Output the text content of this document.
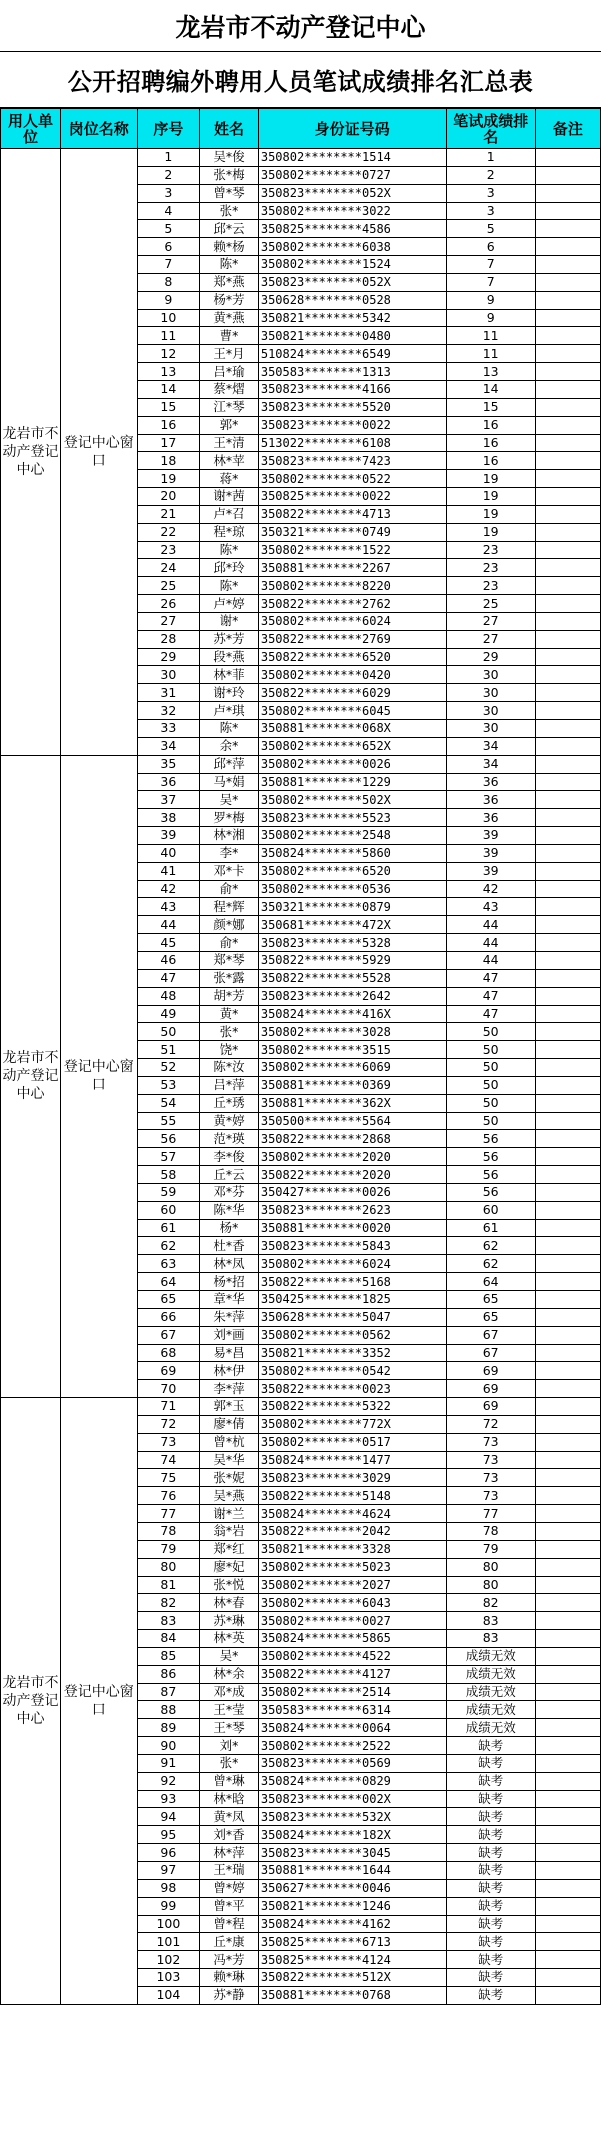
龙岩市不动产登记中心
公开招聘编外聘用人员笔试成绩排名汇总表
用人单位	岗位名称	序号	姓名	身份证号码	笔试成绩排名	备注
龙岩市不动产登记中心	登记中心窗口	1	吴*俊	350802********1514	1	
		2	张*梅	350802********0727	2	
		3	曾*琴	350823********052X	3	
		4	张*	350802********3022	3	
		5	邱*云	350825********4586	5	
		6	赖*杨	350802********6038	6	
		7	陈*	350802********1524	7	
		8	郑*燕	350823********052X	7	
		9	杨*芳	350628********0528	9	
		10	黄*燕	350821********5342	9	
		11	曹*	350821********0480	11	
		12	王*月	510824********6549	11	
		13	吕*瑜	350583********1313	13	
		14	蔡*熠	350823********4166	14	
		15	江*琴	350823********5520	15	
		16	郭*	350823********0022	16	
		17	王*清	513022********6108	16	
		18	林*苹	350823********7423	16	
		19	蒋*	350802********0522	19	
		20	谢*茜	350825********0022	19	
		21	卢*召	350822********4713	19	
		22	程*琼	350321********0749	19	
		23	陈*	350802********1522	23	
		24	邱*玲	350881********2267	23	
		25	陈*	350802********8220	23	
		26	卢*婷	350822********2762	25	
		27	谢*	350802********6024	27	
		28	苏*芳	350822********2769	27	
		29	段*燕	350822********6520	29	
		30	林*菲	350802********0420	30	
		31	谢*玲	350822********6029	30	
		32	卢*琪	350802********6045	30	
		33	陈*	350881********068X	30	
		34	余*	350802********652X	34	
龙岩市不动产登记中心	登记中心窗口	35	邱*萍	350802********0026	34	
		36	马*娟	350881********1229	36	
		37	吴*	350802********502X	36	
		38	罗*梅	350823********5523	36	
		39	林*湘	350802********2548	39	
		40	李*	350824********5860	39	
		41	邓*卡	350802********6520	39	
		42	俞*	350802********0536	42	
		43	程*辉	350321********0879	43	
		44	颜*娜	350681********472X	44	
		45	俞*	350823********5328	44	
		46	郑*琴	350822********5929	44	
		47	张*露	350822********5528	47	
		48	胡*芳	350823********2642	47	
		49	黄*	350824********416X	47	
		50	张*	350802********3028	50	
		51	饶*	350802********3515	50	
		52	陈*汝	350802********6069	50	
		53	吕*萍	350881********0369	50	
		54	丘*琇	350881********362X	50	
		55	黄*婷	350500********5564	50	
		56	范*瑛	350822********2868	56	
		57	李*俊	350802********2020	56	
		58	丘*云	350822********2020	56	
		59	邓*芬	350427********0026	56	
		60	陈*华	350823********2623	60	
		61	杨*	350881********0020	61	
		62	杜*香	350823********5843	62	
		63	林*凤	350802********6024	62	
		64	杨*招	350822********5168	64	
		65	章*华	350425********1825	65	
		66	朱*萍	350628********5047	65	
		67	刘*画	350802********0562	67	
		68	易*昌	350821********3352	67	
		69	林*伊	350802********0542	69	
		70	李*萍	350822********0023	69	
龙岩市不动产登记中心	登记中心窗口	71	郭*玉	350822********5322	69	
		72	廖*倩	350802********772X	72	
		73	曾*杭	350802********0517	73	
		74	吴*华	350824********1477	73	
		75	张*妮	350823********3029	73	
		76	吴*燕	350822********5148	73	
		77	谢*兰	350824********4624	77	
		78	翁*岩	350822********2042	78	
		79	郑*红	350821********3328	79	
		80	廖*妃	350802********5023	80	
		81	张*悦	350802********2027	80	
		82	林*春	350802********6043	82	
		83	苏*琳	350802********0027	83	
		84	林*英	350824********5865	83	
		85	吴*	350802********4522	成绩无效	
		86	林*余	350822********4127	成绩无效	
		87	邓*成	350802********2514	成绩无效	
		88	王*莹	350583********6314	成绩无效	
		89	王*琴	350824********0064	成绩无效	
		90	刘*	350802********2522	缺考	
		91	张*	350823********0569	缺考	
		92	曾*琳	350824********0829	缺考	
		93	林*晗	350823********002X	缺考	
		94	黄*凤	350823********532X	缺考	
		95	刘*香	350824********182X	缺考	
		96	林*萍	350823********3045	缺考	
		97	王*瑞	350881********1644	缺考	
		98	曾*婷	350627********0046	缺考	
		99	曾*平	350821********1246	缺考	
		100	曾*程	350824********4162	缺考	
		101	丘*康	350825********6713	缺考	
		102	冯*芳	350825********4124	缺考	
		103	赖*琳	350822********512X	缺考	
		104	苏*静	350881********0768	缺考	
